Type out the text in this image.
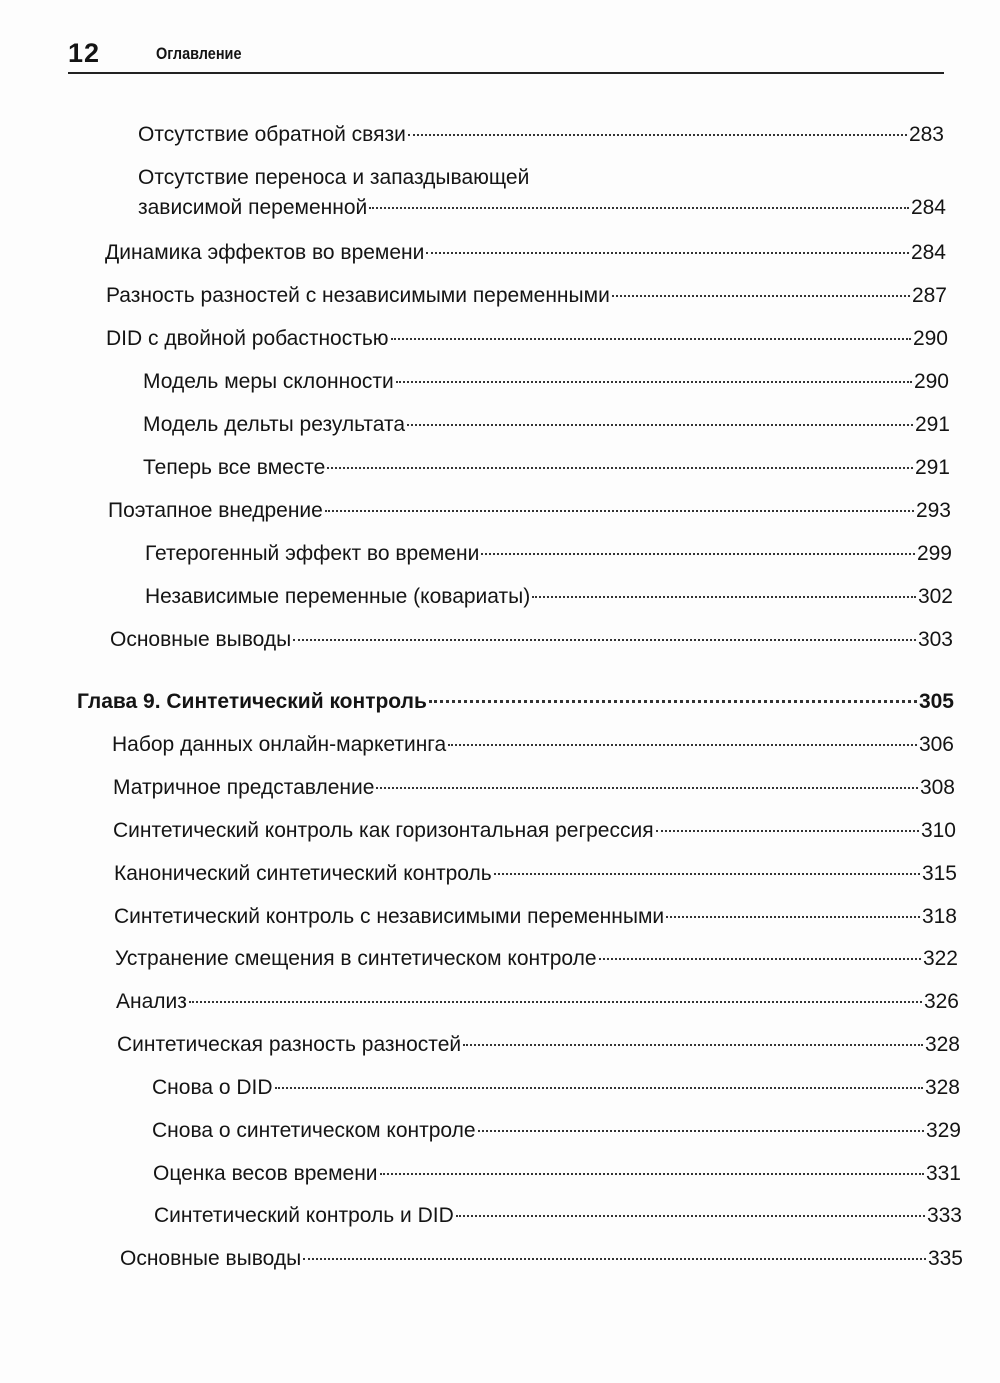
12	Оглавление
Отсутствие обратной связи	283
Отсутствие переноса и запаздывающей
зависимой переменной	284
Динамика эффектов во времени	284
Разность разностей с независимыми переменными	287
DID с двойной робастностью	290
Модель меры склонности	290
Модель дельты результата	291
Теперь все вместе	291
Поэтапное внедрение	293
Гетерогенный эффект во времени	299
Независимые переменные (ковариаты)	302
Основные выводы	303
Глава 9. Синтетический контроль	305
Набор данных онлайн-маркетинга	306
Матричное представление	308
Синтетический контроль как горизонтальная регрессия	310
Канонический синтетический контроль	315
Синтетический контроль с независимыми переменными	318
Устранение смещения в синтетическом контроле	322
Анализ	326
Синтетическая разность разностей	328
Снова о DID	328
Снова о синтетическом контроле	329
Оценка весов времени	331
Синтетический контроль и DID	333
Основные выводы	335
